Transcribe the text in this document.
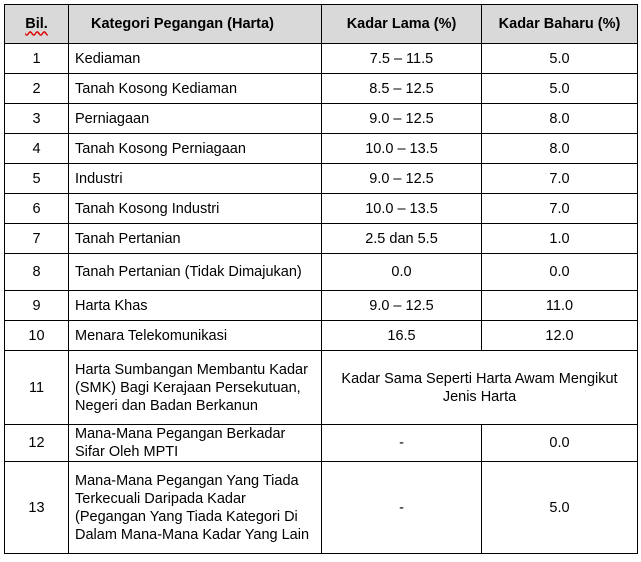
Bil.	Kategori Pegangan (Harta)	Kadar Lama (%)	Kadar Baharu (%)
1	Kediaman	7.5 – 11.5	5.0
2	Tanah Kosong Kediaman	8.5 – 12.5	5.0
3	Perniagaan	9.0 – 12.5	8.0
4	Tanah Kosong Perniagaan	10.0 – 13.5	8.0
5	Industri	9.0 – 12.5	7.0
6	Tanah Kosong Industri	10.0 – 13.5	7.0
7	Tanah Pertanian	2.5 dan 5.5	1.0
8	Tanah Pertanian (Tidak Dimajukan)	0.0	0.0
9	Harta Khas	9.0 – 12.5	11.0
10	Menara Telekomunikasi	16.5	12.0
11	Harta Sumbangan Membantu Kadar (SMK) Bagi Kerajaan Persekutuan, Negeri dan Badan Berkanun	Kadar Sama Seperti Harta Awam Mengikut Jenis Harta	
12	Mana-Mana Pegangan Berkadar Sifar Oleh MPTI	-	0.0
13	Mana-Mana Pegangan Yang Tiada Terkecuali Daripada Kadar (Pegangan Yang Tiada Kategori Di Dalam Mana-Mana Kadar Yang Lain	-	5.0
